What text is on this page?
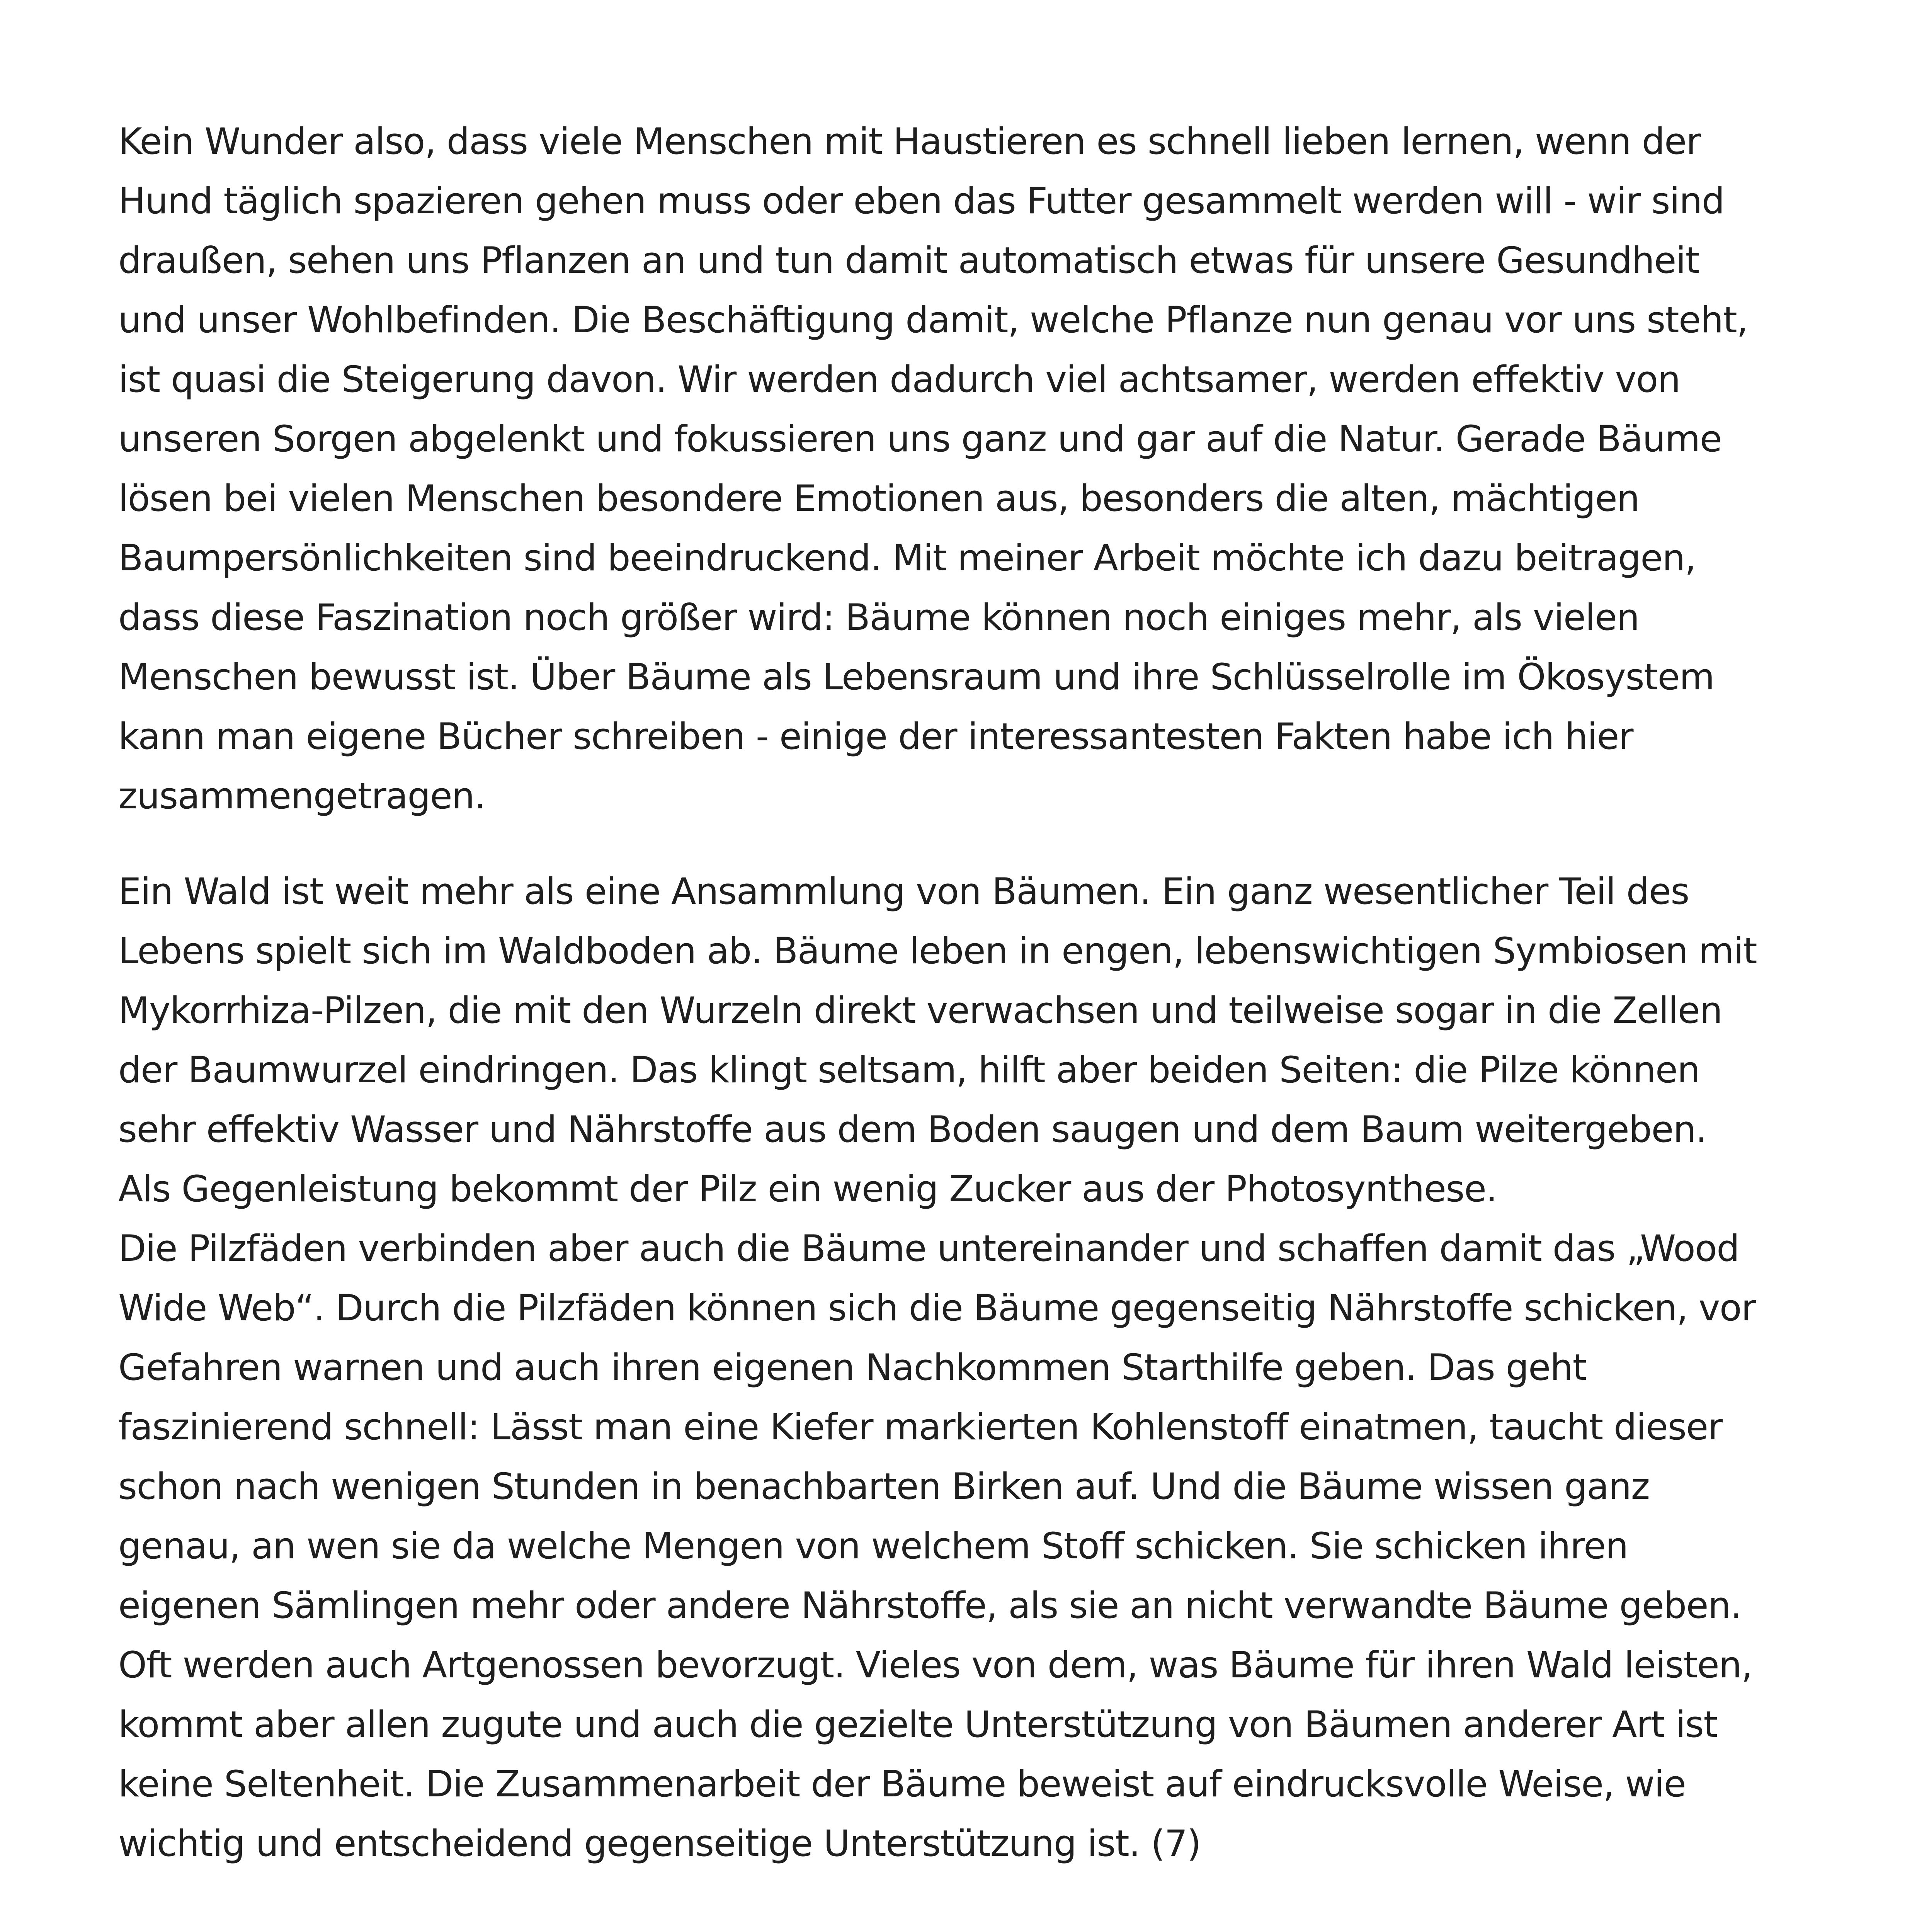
Kein Wunder also, dass viele Menschen mit Haustieren es schnell lieben lernen, wenn der
Hund täglich spazieren gehen muss oder eben das Futter gesammelt werden will - wir sind
draußen, sehen uns Pflanzen an und tun damit automatisch etwas für unsere Gesundheit
und unser Wohlbefinden. Die Beschäftigung damit, welche Pflanze nun genau vor uns steht,
ist quasi die Steigerung davon. Wir werden dadurch viel achtsamer, werden effektiv von
unseren Sorgen abgelenkt und fokussieren uns ganz und gar auf die Natur. Gerade Bäume
lösen bei vielen Menschen besondere Emotionen aus, besonders die alten, mächtigen
Baumpersönlichkeiten sind beeindruckend. Mit meiner Arbeit möchte ich dazu beitragen,
dass diese Faszination noch größer wird: Bäume können noch einiges mehr, als vielen
Menschen bewusst ist. Über Bäume als Lebensraum und ihre Schlüsselrolle im Ökosystem
kann man eigene Bücher schreiben - einige der interessantesten Fakten habe ich hier
zusammengetragen.
Ein Wald ist weit mehr als eine Ansammlung von Bäumen. Ein ganz wesentlicher Teil des
Lebens spielt sich im Waldboden ab. Bäume leben in engen, lebenswichtigen Symbiosen mit
Mykorrhiza-Pilzen, die mit den Wurzeln direkt verwachsen und teilweise sogar in die Zellen
der Baumwurzel eindringen. Das klingt seltsam, hilft aber beiden Seiten: die Pilze können
sehr effektiv Wasser und Nährstoffe aus dem Boden saugen und dem Baum weitergeben.
Als Gegenleistung bekommt der Pilz ein wenig Zucker aus der Photosynthese.
Die Pilzfäden verbinden aber auch die Bäume untereinander und schaffen damit das „Wood
Wide Web“. Durch die Pilzfäden können sich die Bäume gegenseitig Nährstoffe schicken, vor
Gefahren warnen und auch ihren eigenen Nachkommen Starthilfe geben. Das geht
faszinierend schnell: Lässt man eine Kiefer markierten Kohlenstoff einatmen, taucht dieser
schon nach wenigen Stunden in benachbarten Birken auf. Und die Bäume wissen ganz
genau, an wen sie da welche Mengen von welchem Stoff schicken. Sie schicken ihren
eigenen Sämlingen mehr oder andere Nährstoffe, als sie an nicht verwandte Bäume geben.
Oft werden auch Artgenossen bevorzugt. Vieles von dem, was Bäume für ihren Wald leisten,
kommt aber allen zugute und auch die gezielte Unterstützung von Bäumen anderer Art ist
keine Seltenheit. Die Zusammenarbeit der Bäume beweist auf eindrucksvolle Weise, wie
wichtig und entscheidend gegenseitige Unterstützung ist. (7)
